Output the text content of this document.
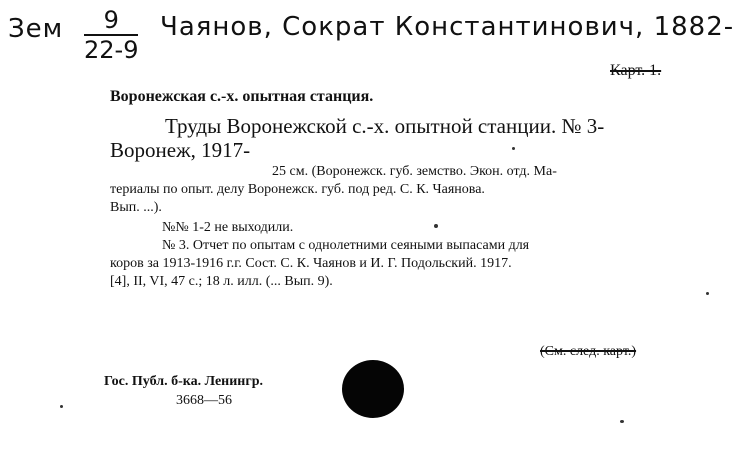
Зем $\frac{9}{22-9}$ Чаянов, Сократ Константинович, 1882-
Карт. 1.
Воронежская с.-х. опытная станция.
Труды Воронежской с.-х. опытной станции. № 3-
Воронеж, 1917-
25 см. (Воронежск. губ. земство. Экон. отд. Ма-
териалы по опыт. делу Воронежск. губ. под ред. С. К. Чаянова.
Вып. ...).
№№ 1-2 не выходили.
№ 3. Отчет по опытам с однолетними сеяными выпасами для
коров за 1913-1916 г.г. Сост. С. К. Чаянов и И. Г. Подольский. 1917.
[4], II, VI, 47 с.; 18 л. илл. (... Вып. 9).
(См. след. карт.)
Гос. Публ. б-ка. Ленингр.
3668—56
